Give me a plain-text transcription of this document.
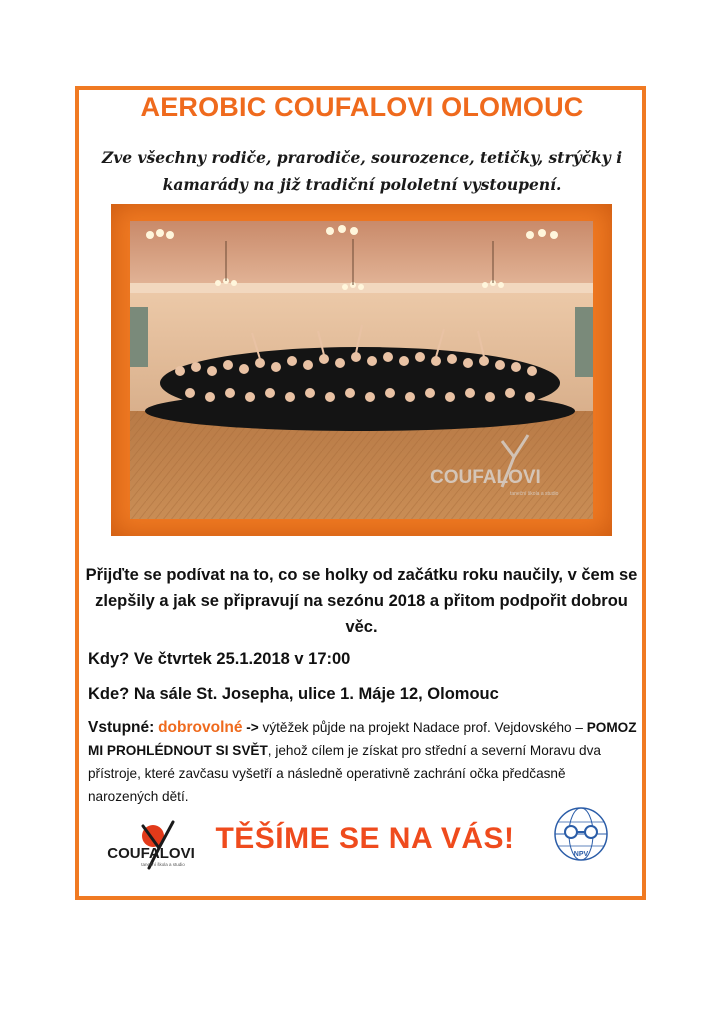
AEROBIC COUFALOVI OLOMOUC
Zve všechny rodiče, prarodiče, sourozence, tetičky, strýčky i kamarády na již tradiční pololetní vystoupení.
COUFALOVI
taneční škola a studio
Přijďte se podívat na to, co se holky od začátku roku naučily, v čem se zlepšily a jak se připravují na sezónu 2018 a přitom podpořit dobrou věc.
Kdy? Ve čtvrtek 25.1.2018 v 17:00
Kde? Na sále St. Josepha, ulice 1. Máje 12, Olomouc
Vstupné: dobrovolné -> výtěžek půjde na projekt Nadace prof. Vejdovského – POMOZ MI PROHLÉDNOUT SI SVĚT, jehož cílem je získat pro střední a severní Moravu dva přístroje, které zavčasu vyšetří a následně operativně zachrání očka předčasně narozených dětí.
COUFALOVI
taneční škola a studio
TĚŠÍME SE NA VÁS!	NPV
